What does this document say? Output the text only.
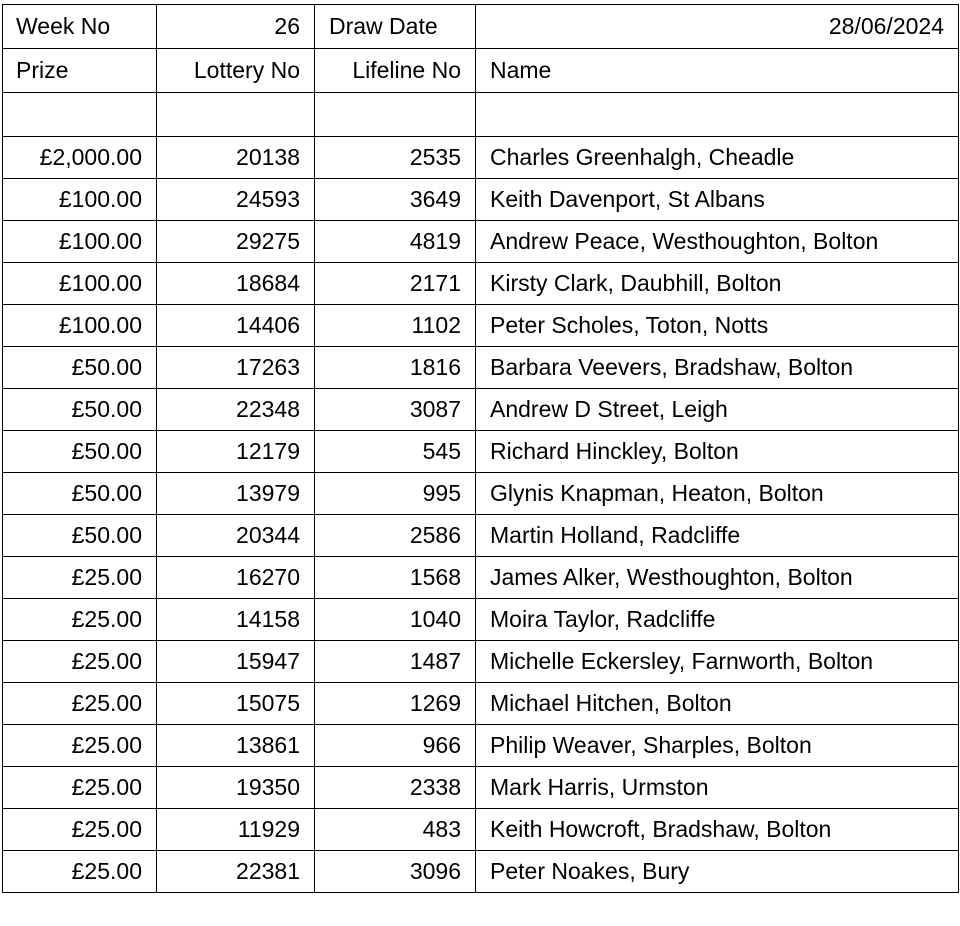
Week No	26	Draw Date	28/06/2024
Prize	Lottery No	Lifeline No	Name

£2,000.00	20138	2535	Charles Greenhalgh, Cheadle
£100.00	24593	3649	Keith Davenport, St Albans
£100.00	29275	4819	Andrew Peace, Westhoughton, Bolton
£100.00	18684	2171	Kirsty Clark, Daubhill, Bolton
£100.00	14406	1102	Peter Scholes, Toton, Notts
£50.00	17263	1816	Barbara Veevers, Bradshaw, Bolton
£50.00	22348	3087	Andrew D Street, Leigh
£50.00	12179	545	Richard Hinckley, Bolton
£50.00	13979	995	Glynis Knapman, Heaton, Bolton
£50.00	20344	2586	Martin Holland, Radcliffe
£25.00	16270	1568	James Alker, Westhoughton, Bolton
£25.00	14158	1040	Moira Taylor, Radcliffe
£25.00	15947	1487	Michelle Eckersley, Farnworth, Bolton
£25.00	15075	1269	Michael Hitchen, Bolton
£25.00	13861	966	Philip Weaver, Sharples, Bolton
£25.00	19350	2338	Mark Harris, Urmston
£25.00	11929	483	Keith Howcroft, Bradshaw, Bolton
£25.00	22381	3096	Peter Noakes, Bury
